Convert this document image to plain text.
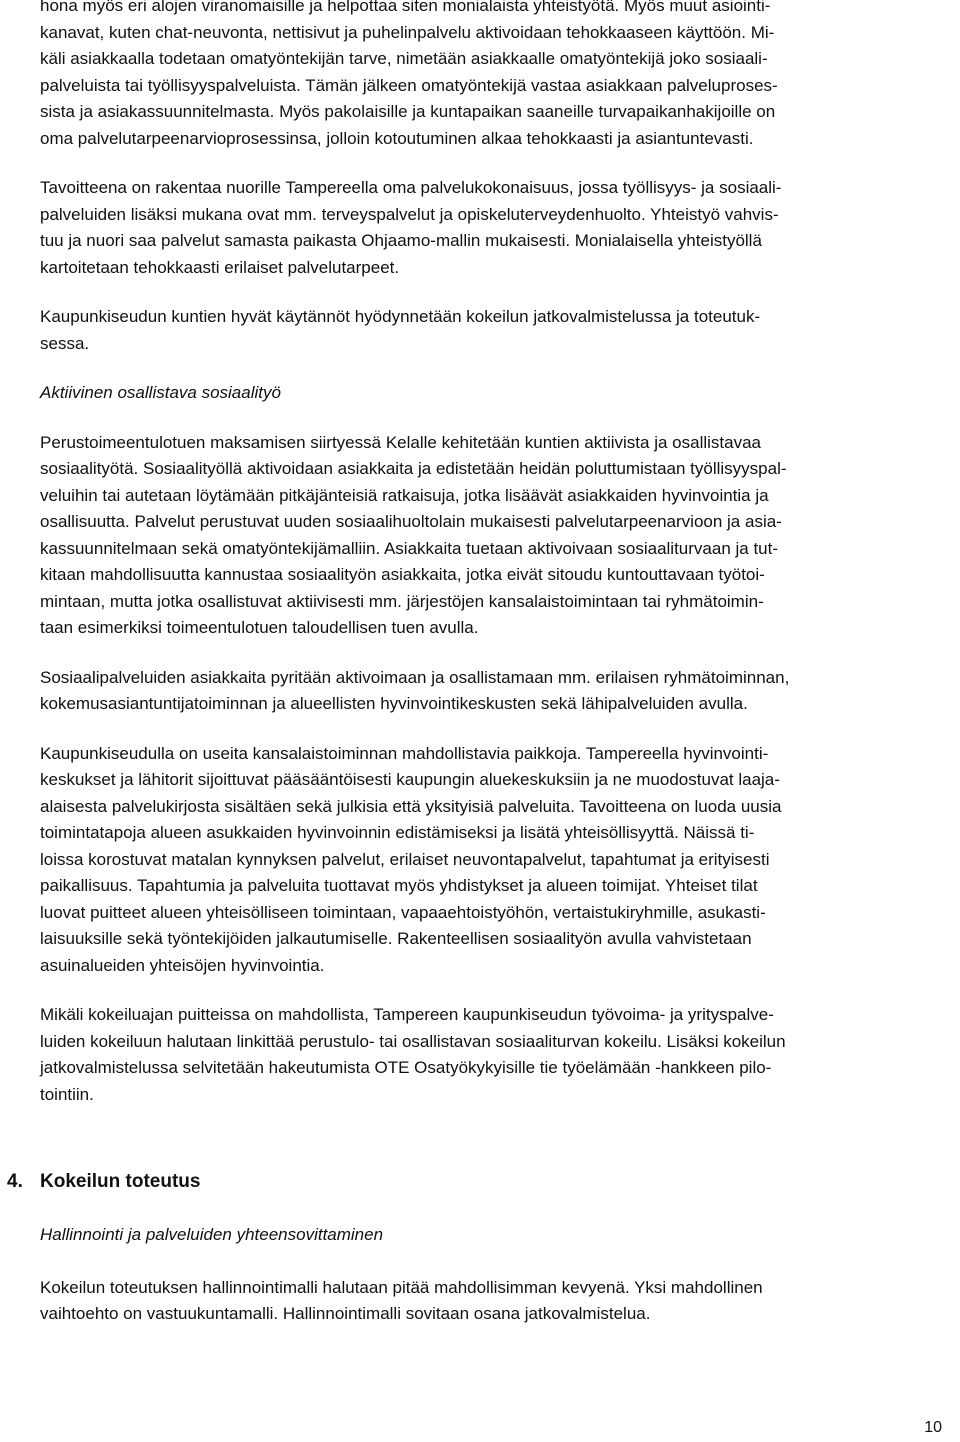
hona myös eri alojen viranomaisille ja helpottaa siten monialaista yhteistyötä. Myös muut asiointi-
kanavat, kuten chat-neuvonta, nettisivut ja puhelinpalvelu aktivoidaan tehokkaaseen käyttöön. Mi-
käli asiakkaalla todetaan omatyöntekijän tarve, nimetään asiakkaalle omatyöntekijä joko sosiaali-
palveluista tai työllisyyspalveluista. Tämän jälkeen omatyöntekijä vastaa asiakkaan palveluproses-
sista ja asiakassuunnitelmasta. Myös pakolaisille ja kuntapaikan saaneille turvapaikanhakijoille on
oma palvelutarpeenarvioprosessinsa, jolloin kotoutuminen alkaa tehokkaasti ja asiantuntevasti.

Tavoitteena on rakentaa nuorille Tampereella oma palvelukokonaisuus, jossa työllisyys- ja sosiaali-
palveluiden lisäksi mukana ovat mm. terveyspalvelut ja opiskeluterveydenhuolto. Yhteistyö vahvis-
tuu ja nuori saa palvelut samasta paikasta Ohjaamo-mallin mukaisesti. Monialaisella yhteistyöllä
kartoitetaan tehokkaasti erilaiset palvelutarpeet.

Kaupunkiseudun kuntien hyvät käytännöt hyödynnetään kokeilun jatkovalmistelussa ja toteutuk-
sessa.

Aktiivinen osallistava sosiaalityö

Perustoimeentulotuen maksamisen siirtyessä Kelalle kehitetään kuntien aktiivista ja osallistavaa
sosiaalityötä. Sosiaalityöllä aktivoidaan asiakkaita ja edistetään heidän poluttumistaan työllisyyspal-
veluihin tai autetaan löytämään pitkäjänteisiä ratkaisuja, jotka lisäävät asiakkaiden hyvinvointia ja
osallisuutta. Palvelut perustuvat uuden sosiaalihuoltolain mukaisesti palvelutarpeenarvioon ja asia-
kassuunnitelmaan sekä omatyöntekijämalliin. Asiakkaita tuetaan aktivoivaan sosiaaliturvaan ja tut-
kitaan mahdollisuutta kannustaa sosiaalityön asiakkaita, jotka eivät sitoudu kuntouttavaan työtoi-
mintaan, mutta jotka osallistuvat aktiivisesti mm. järjestöjen kansalaistoimintaan tai ryhmätoimin-
taan esimerkiksi toimeentulotuen taloudellisen tuen avulla.

Sosiaalipalveluiden asiakkaita pyritään aktivoimaan ja osallistamaan mm. erilaisen ryhmätoiminnan,
kokemusasiantuntijatoiminnan ja alueellisten hyvinvointikeskusten sekä lähipalveluiden avulla.

Kaupunkiseudulla on useita kansalaistoiminnan mahdollistavia paikkoja. Tampereella hyvinvointi-
keskukset ja lähitorit sijoittuvat pääsääntöisesti kaupungin aluekeskuksiin ja ne muodostuvat laaja-
alaisesta palvelukirjosta sisältäen sekä julkisia että yksityisiä palveluita. Tavoitteena on luoda uusia
toimintatapoja alueen asukkaiden hyvinvoinnin edistämiseksi ja lisätä yhteisöllisyyttä. Näissä ti-
loissa korostuvat matalan kynnyksen palvelut, erilaiset neuvontapalvelut, tapahtumat ja erityisesti
paikallisuus. Tapahtumia ja palveluita tuottavat myös yhdistykset ja alueen toimijat. Yhteiset tilat
luovat puitteet alueen yhteisölliseen toimintaan, vapaaehtoistyöhön, vertaistukiryhmille, asukasti-
laisuuksille sekä työntekijöiden jalkautumiselle. Rakenteellisen sosiaalityön avulla vahvistetaan
asuinalueiden yhteisöjen hyvinvointia.

Mikäli kokeiluajan puitteissa on mahdollista, Tampereen kaupunkiseudun työvoima- ja yrityspalve-
luiden kokeiluun halutaan linkittää perustulo- tai osallistavan sosiaaliturvan kokeilu. Lisäksi kokeilun
jatkovalmistelussa selvitetään hakeutumista OTE Osatyökykyisille tie työelämään -hankkeen pilo-
tointiin.

4. Kokeilun toteutus

Hallinnointi ja palveluiden yhteensovittaminen

Kokeilun toteutuksen hallinnointimalli halutaan pitää mahdollisimman kevyenä. Yksi mahdollinen
vaihtoehto on vastuukuntamalli. Hallinnointimalli sovitaan osana jatkovalmistelua.

10
